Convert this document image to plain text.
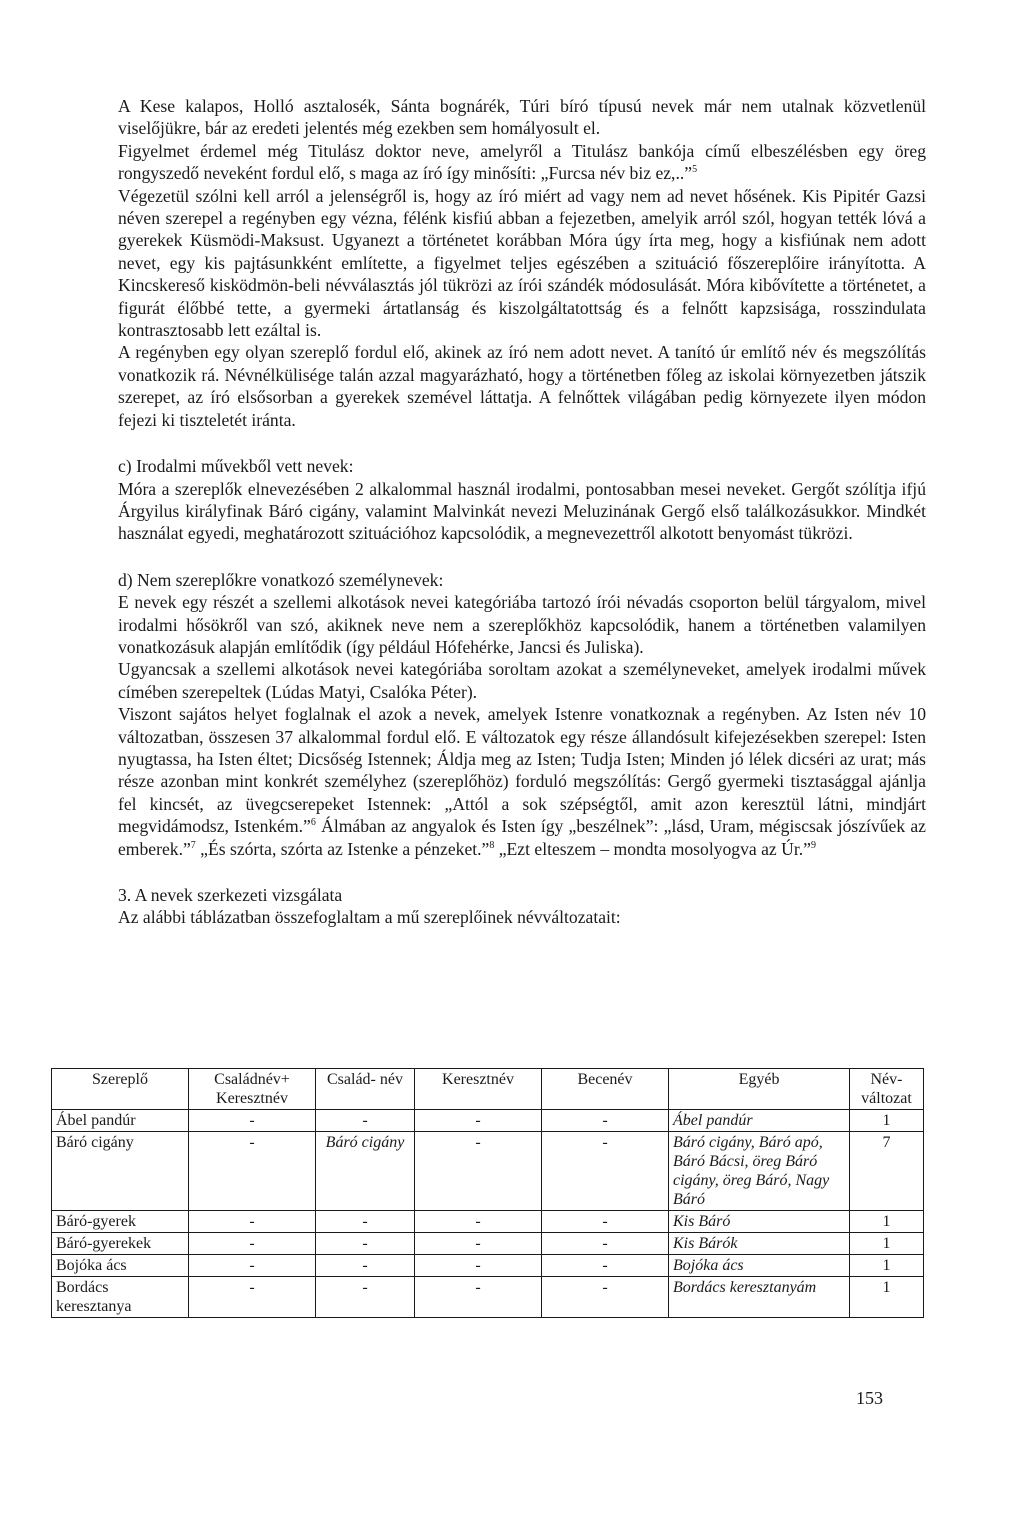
A Kese kalapos, Holló asztalosék, Sánta bognárék, Túri bíró típusú nevek már nem utalnak közvetlenül viselőjükre, bár az eredeti jelentés még ezekben sem homályosult el.

Figyelmet érdemel még Titulász doktor neve, amelyről a Titulász bankója című elbeszélésben egy öreg rongyszedő neveként fordul elő, s maga az író így minősíti: „Furcsa név biz ez,..”$^5$

Végezetül szólni kell arról a jelenségről is, hogy az író miért ad vagy nem ad nevet hősének. Kis Pipitér Gazsi néven szerepel a regényben egy vézna, félénk kisfiú abban a fejezetben, amelyik arról szól, hogyan tették lóvá a gyerekek Küsmödi-Maksust. Ugyanezt a történetet korábban Móra úgy írta meg, hogy a kisfiúnak nem adott nevet, egy kis pajtásunkként említette, a figyelmet teljes egészében a szituáció főszereplőire irányította. A Kincskereső kisködmön-beli névválasztás jól tükrözi az írói szándék módosulását. Móra kibővítette a történetet, a figurát élőbbé tette, a gyermeki ártatlanság és kiszolgáltatottság és a felnőtt kapzsisága, rosszindulata kontrasztosabb lett ezáltal is.

A regényben egy olyan szereplő fordul elő, akinek az író nem adott nevet. A tanító úr említő név és megszólítás vonatkozik rá. Névnélkülisége talán azzal magyarázható, hogy a történetben főleg az iskolai környezetben játszik szerepet, az író elsősorban a gyerekek szemével láttatja. A felnőttek világában pedig környezete ilyen módon fejezi ki tiszteletét iránta.

c) Irodalmi művekből vett nevek:

Móra a szereplők elnevezésében 2 alkalommal használ irodalmi, pontosabban mesei neveket. Gergőt szólítja ifjú Árgyilus királyfinak Báró cigány, valamint Malvinkát nevezi Meluzinának Gergő első találkozásukkor. Mindkét használat egyedi, meghatározott szituációhoz kapcsolódik, a megnevezettről alkotott benyomást tükrözi.

d) Nem szereplőkre vonatkozó személynevek:

E nevek egy részét a szellemi alkotások nevei kategóriába tartozó írói névadás csoporton belül tárgyalom, mivel irodalmi hősökről van szó, akiknek neve nem a szereplőkhöz kapcsolódik, hanem a történetben valamilyen vonatkozásuk alapján említődik (így például Hófehérke, Jancsi és Juliska).

Ugyancsak a szellemi alkotások nevei kategóriába soroltam azokat a személyneveket, amelyek irodalmi művek címében szerepeltek (Lúdas Matyi, Csalóka Péter).

Viszont sajátos helyet foglalnak el azok a nevek, amelyek Istenre vonatkoznak a regényben. Az Isten név 10 változatban, összesen 37 alkalommal fordul elő. E változatok egy része állandósult kifejezésekben szerepel: Isten nyugtassa, ha Isten éltet; Dicsőség Istennek; Áldja meg az Isten; Tudja Isten; Minden jó lélek dicséri az urat; más része azonban mint konkrét személyhez (szereplőhöz) forduló megszólítás: Gergő gyermeki tisztasággal ajánlja fel kincsét, az üvegcserepeket Istennek: „Attól a sok szépségtől, amit azon keresztül látni, mindjárt megvidámodsz, Istenkém.”$^6$ Álmában az angyalok és Isten így „beszélnek”: „lásd, Uram, mégiscsak jószívűek az emberek.”$^7$ „És szórta, szórta az Istenke a pénzeket.”$^8$ „Ezt elteszem – mondta mosolyogva az Úr.”$^9$

3. A nevek szerkezeti vizsgálata

Az alábbi táblázatban összefoglaltam a mű szereplőinek névváltozatait:

Szereplő	Családnév+ Keresztnév	Család- név	Keresztnév	Becenév	Egyéb	Név- változat
Ábel pandúr	-	-	-	-	Ábel pandúr	1
Báró cigány	-	Báró cigány	-	-	Báró cigány, Báró apó, Báró Bácsi, öreg Báró cigány, öreg Báró, Nagy Báró	7
Báró-gyerek	-	-	-	-	Kis Báró	1
Báró-gyerekek	-	-	-	-	Kis Bárók	1
Bojóka ács	-	-	-	-	Bojóka ács	1
Bordács keresztanya	-	-	-	-	Bordács keresztanyám	1
153
